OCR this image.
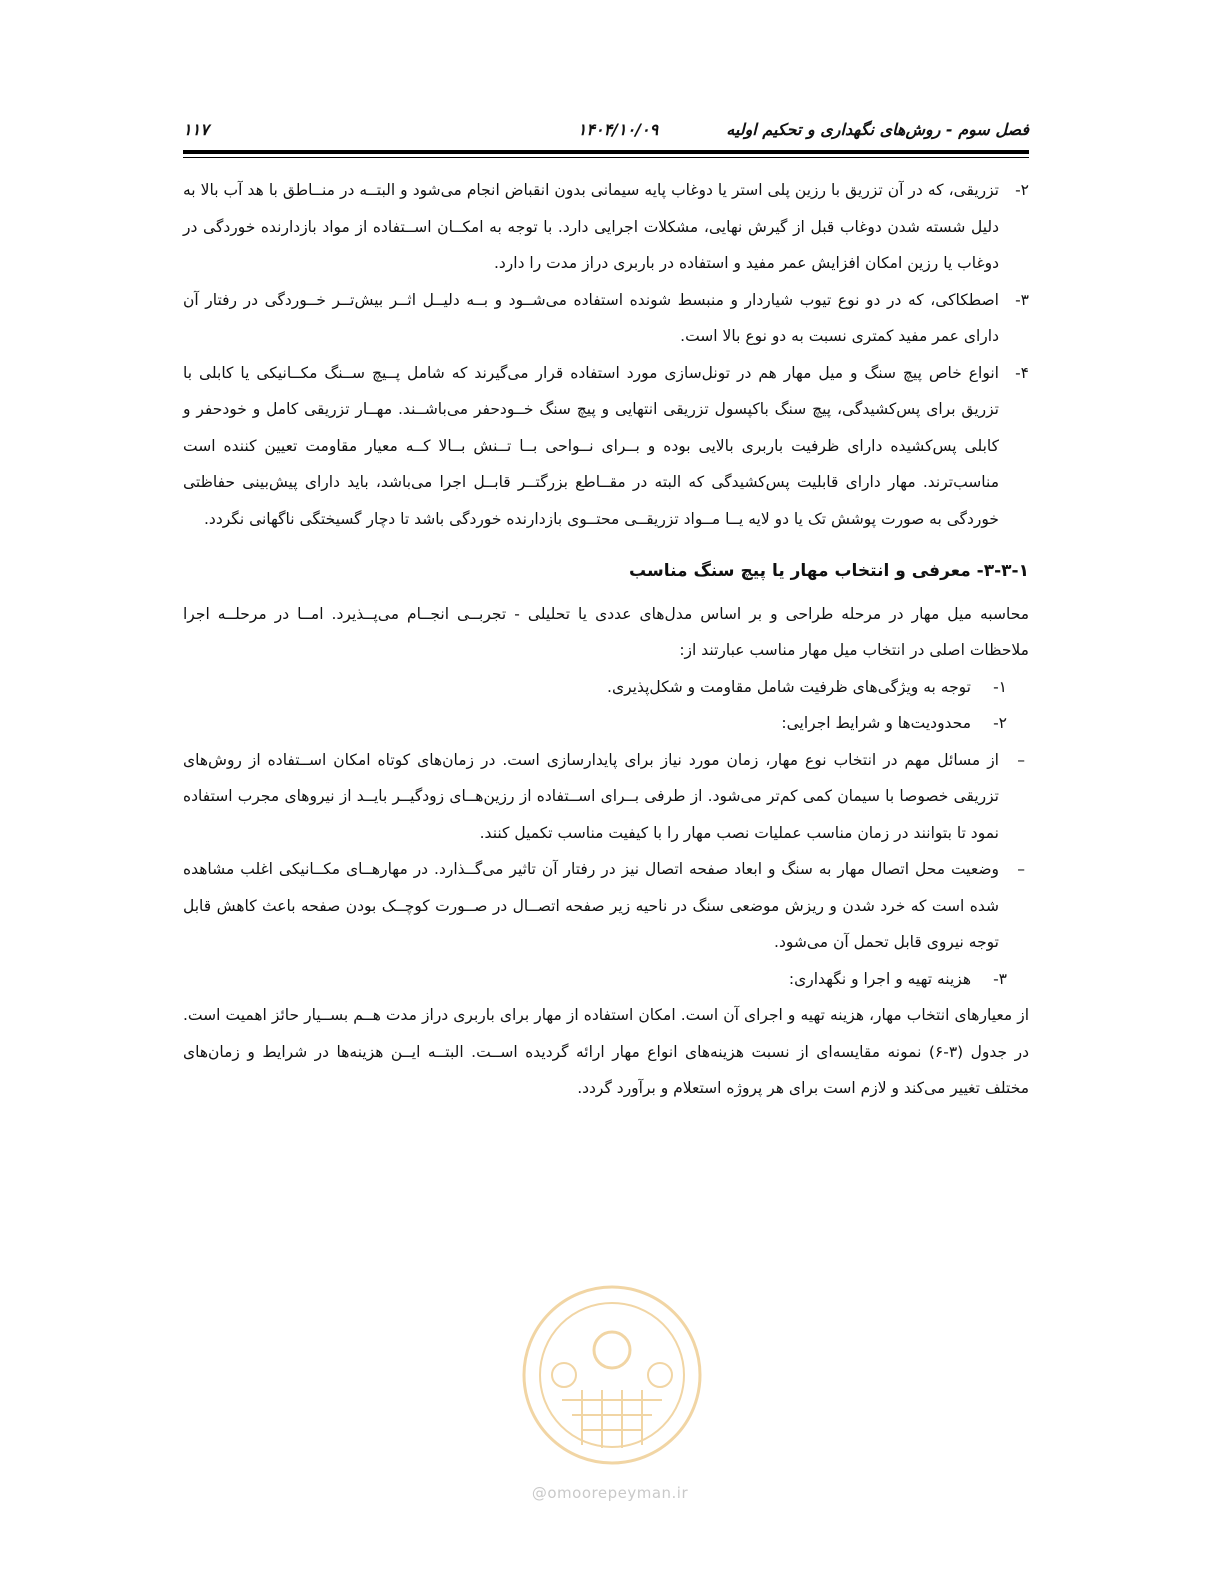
فصل سوم - روش‌های نگهداری و تحکیم اولیه
۱۴۰۴/۱۰/۰۹
۱۱۷
۲-

تزریقی، که در آن تزریق با رزین پلی استر یا دوغاب پایه سیمانی بدون انقباض انجام می‌شود و البتــه در منــاطق با هد آب بالا به دلیل شسته شدن دوغاب قبل از گیرش نهایی، مشکلات اجرایی دارد. با توجه به امکــان اســتفاده از مواد بازدارنده خوردگی در دوغاب یا رزین امکان افزایش عمر مفید و استفاده در باربری دراز مدت را دارد.

۳-

اصطکاکی، که در دو نوع تیوب شیاردار و منبسط شونده استفاده می‌شــود و بــه دلیــل اثــر بیش‌تــر خــوردگی در رفتار آن دارای عمر مفید کمتری نسبت به دو نوع بالا است.

۴-

انواع خاص پیچ سنگ و میل مهار هم در تونل‌سازی مورد استفاده قرار می‌گیرند که شامل پــیچ ســنگ مکــانیکی یا کابلی با تزریق برای پس‌کشیدگی، پیچ سنگ باکپسول تزریقی انتهایی و پیچ سنگ خــودحفر می‌باشــند. مهــار تزریقی کامل و خودحفر و کابلی پس‌کشیده دارای ظرفیت باربری بالایی بوده و بــرای نــواحی بــا تــنش بــالا کــه معیار مقاومت تعیین کننده است مناسب‌ترند. مهار دارای قابلیت پس‌کشیدگی که البته در مقــاطع بزرگتــر قابــل اجرا می‌باشد، باید دارای پیش‌بینی حفاظتی خوردگی به صورت پوشش تک یا دو لایه یــا مــواد تزریقــی محتــوی بازدارنده خوردگی باشد تا دچار گسیختگی ناگهانی نگردد.

۳-۳-۱- معرفی و انتخاب مهار یا پیچ سنگ مناسب

محاسبه میل مهار در مرحله طراحی و بر اساس مدل‌های عددی یا تحلیلی - تجربــی انجــام می‌پــذیرد. امــا در مرحلــه اجرا ملاحظات اصلی در انتخاب میل مهار مناسب عبارتند از:

۱-

توجه به ویژگی‌های ظرفیت شامل مقاومت و شکل‌پذیری.

۲-

محدودیت‌ها و شرایط اجرایی:

–

از مسائل مهم در انتخاب نوع مهار، زمان مورد نیاز برای پایدارسازی است. در زمان‌های کوتاه امکان اســتفاده از روش‌های تزریقی خصوصا با سیمان کمی کم‌تر می‌شود. از طرفی بــرای اســتفاده از رزین‌هــای زودگیــر بایــد از نیروهای مجرب استفاده نمود تا بتوانند در زمان مناسب عملیات نصب مهار را با کیفیت مناسب تکمیل کنند.

–

وضعیت محل اتصال مهار به سنگ و ابعاد صفحه اتصال نیز در رفتار آن تاثیر می‌گــذارد. در مهارهــای مکــانیکی اغلب مشاهده شده است که خرد شدن و ریزش موضعی سنگ در ناحیه زیر صفحه اتصــال در صــورت کوچــک بودن صفحه باعث کاهش قابل توجه نیروی قابل تحمل آن می‌شود.

۳-

هزینه تهیه و اجرا و نگهداری:

از معیارهای انتخاب مهار، هزینه تهیه و اجرای آن است. امکان استفاده از مهار برای باربری دراز مدت هــم بســیار حائز اهمیت است. در جدول (۳-۶) نمونه مقایسه‌ای از نسبت هزینه‌های انواع مهار ارائه گردیده اســت. البتــه ایــن هزینه‌ها در شرایط و زمان‌های مختلف تغییر می‌کند و لازم است برای هر پروژه استعلام و برآورد گردد.

@omoorepeyman.ir
